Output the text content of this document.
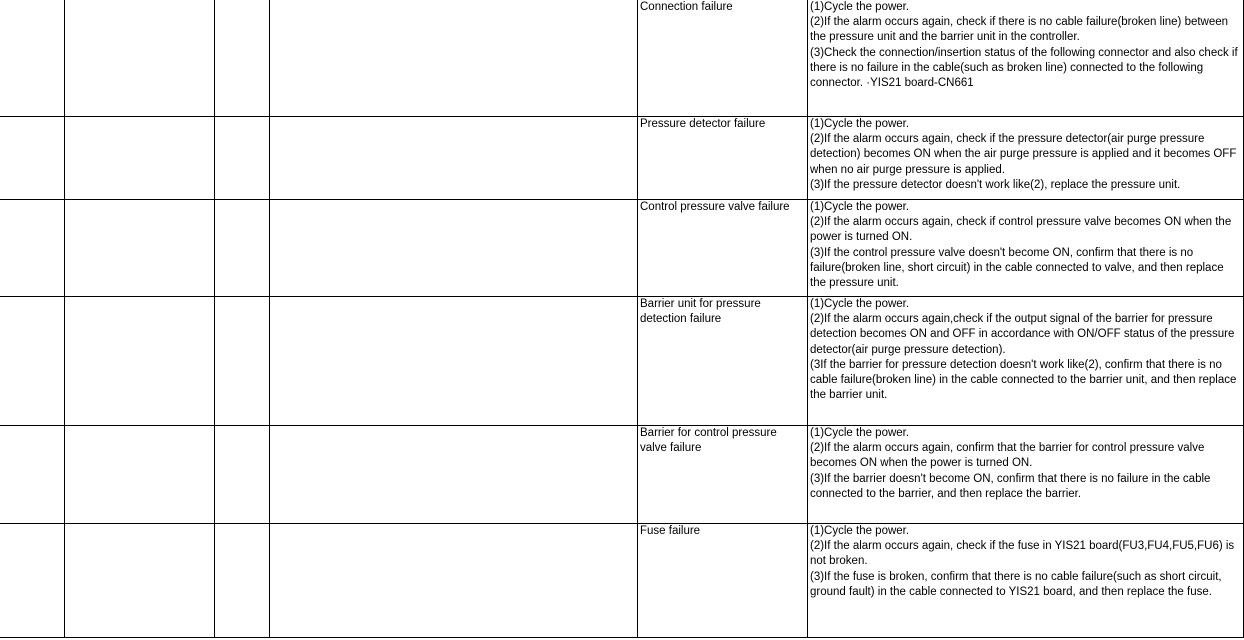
				Connection failure	(1)Cycle the power.
(2)If the alarm occurs again, check if there is no cable failure(broken line) between the pressure unit and the barrier unit in the controller.
(3)Check the connection/insertion status of the following connector and also check if there is no failure in the cable(such as broken line) connected to the following connector. ·YIS21 board-CN661

				Pressure detector failure	(1)Cycle the power.
(2)If the alarm occurs again, check if the pressure detector(air purge pressure detection) becomes ON when the air purge pressure is applied and it becomes OFF when no air purge pressure is applied.
(3)If the pressure detector doesn't work like(2), replace the pressure unit.

				Control pressure valve failure	(1)Cycle the power.
(2)If the alarm occurs again, check if control pressure valve becomes ON when the power is turned ON.
(3)If the control pressure valve doesn't become ON, confirm that there is no failure(broken line, short circuit) in the cable connected to valve, and then replace the pressure unit.

				Barrier unit for pressure detection failure	(1)Cycle the power.
(2)If the alarm occurs again,check if the output signal of the barrier for pressure detection becomes ON and OFF in accordance with ON/OFF status of the pressure detector(air purge pressure detection).
(3If the barrier for pressure detection doesn't work like(2), confirm that there is no cable failure(broken line) in the cable connected to the barrier unit, and then replace the barrier unit.

				Barrier for control pressure valve failure	(1)Cycle the power.
(2)If the alarm occurs again, confirm that the barrier for control pressure valve becomes ON when the power is turned ON.
(3)If the barrier doesn't become ON, confirm that there is no failure in the cable connected to the barrier, and then replace the barrier.

				Fuse failure	(1)Cycle the power.
(2)If the alarm occurs again, check if the fuse in YIS21 board(FU3,FU4,FU5,FU6) is not broken.
(3)If the fuse is broken, confirm that there is no cable failure(such as short circuit, ground fault) in the cable connected to YIS21 board, and then replace the fuse.
